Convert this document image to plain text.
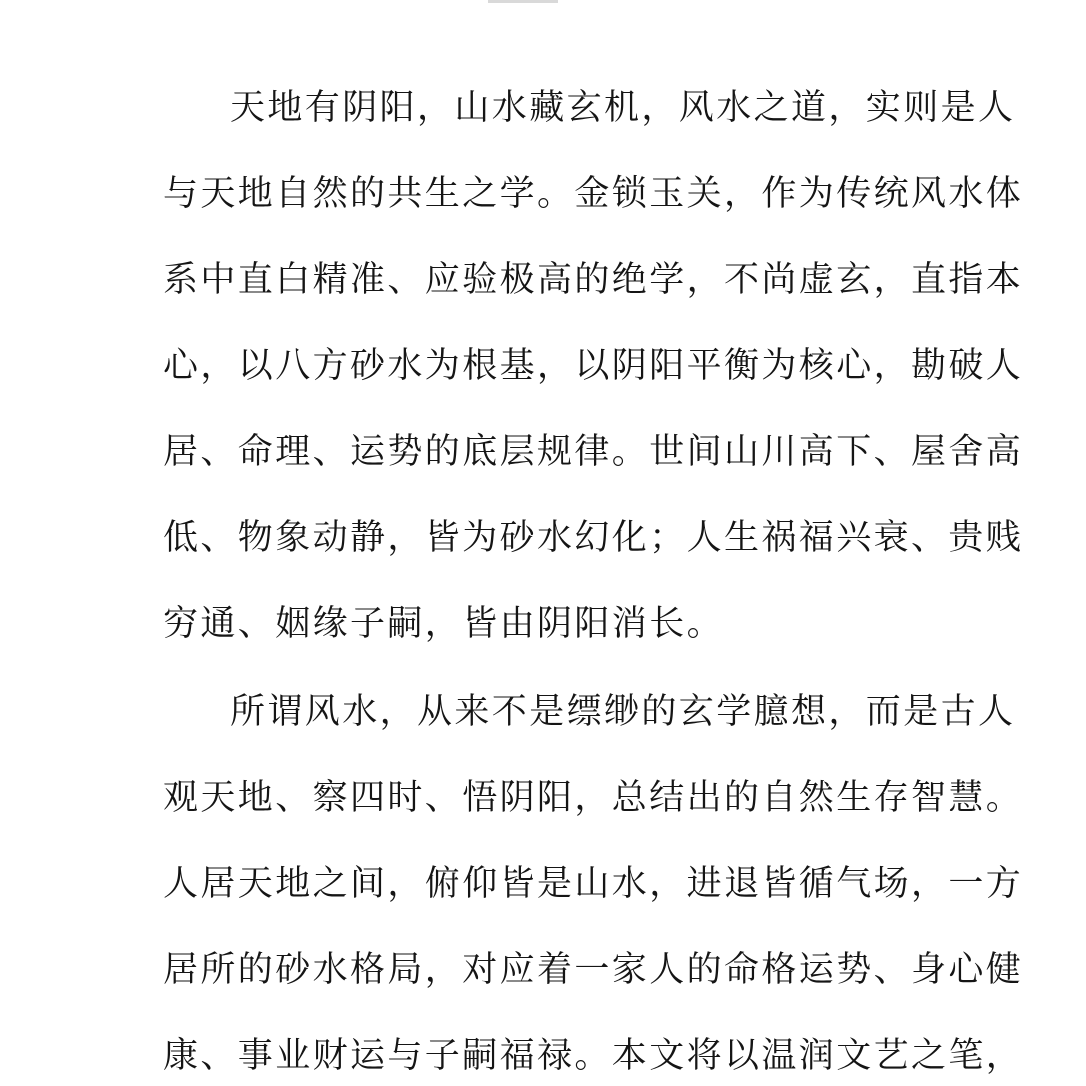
天地有阴阳，山水藏玄机，风水之道，实则是人

与天地自然的共生之学。金锁玉关，作为传统风水体

系中直白精准、应验极高的绝学，不尚虚玄，直指本

心，以八方砂水为根基，以阴阳平衡为核心，勘破人

居、命理、运势的底层规律。世间山川高下、屋舍高

低、物象动静，皆为砂水幻化；人生祸福兴衰、贵贱

穷通、姻缘子嗣，皆由阴阳消长。

所谓风水，从来不是缥缈的玄学臆想，而是古人

观天地、察四时、悟阴阳，总结出的自然生存智慧。

人居天地之间，俯仰皆是山水，进退皆循气场，一方

居所的砂水格局，对应着一家人的命格运势、身心健

康、事业财运与子嗣福禄。本文将以温润文艺之笔，
